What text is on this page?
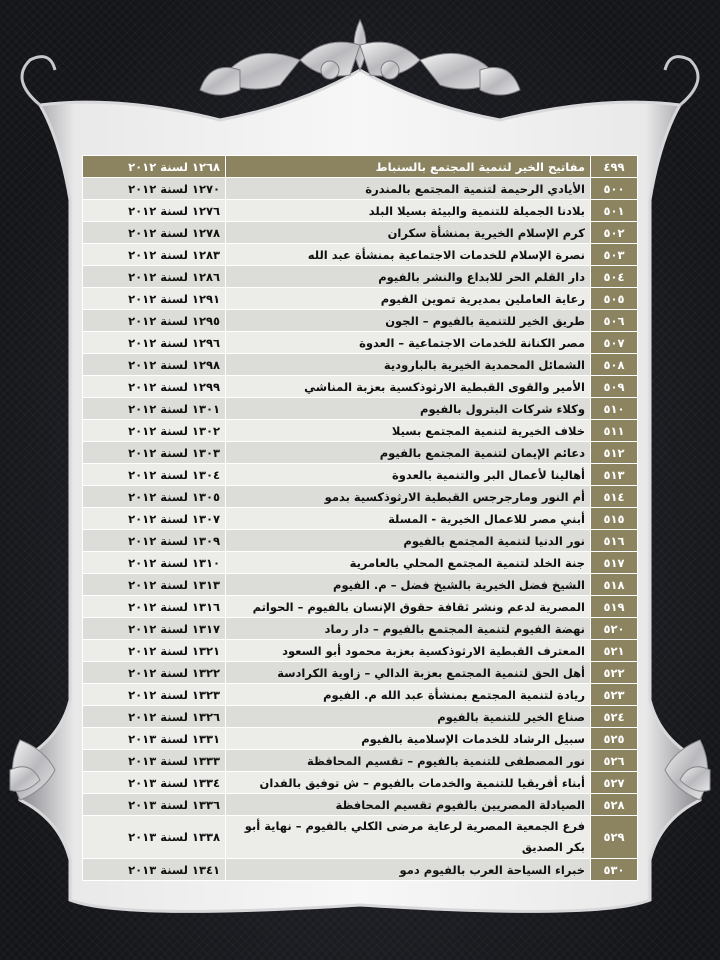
٤٩٩	مفاتيح الخير لتنمية المجتمع بالسنباط	١٢٦٨ لسنة ٢٠١٢
٥٠٠	الأيادي الرحيمة لتنمية المجتمع بالمندرة	١٢٧٠ لسنة ٢٠١٢
٥٠١	بلادنا الجميلة للتنمية والبيئة بسيلا البلد	١٢٧٦ لسنة ٢٠١٢
٥٠٢	كرم الإسلام الخيرية بمنشأة سكران	١٢٧٨ لسنة ٢٠١٢
٥٠٣	نصرة الإسلام للخدمات الاجتماعية بمنشأة عبد الله	١٢٨٣ لسنة ٢٠١٢
٥٠٤	دار القلم الحر للابداع والنشر بالفيوم	١٢٨٦ لسنة ٢٠١٢
٥٠٥	رعاية العاملين بمديرية تموين الفيوم	١٢٩١ لسنة ٢٠١٢
٥٠٦	طريق الخير للتنمية بالفيوم – الجون	١٢٩٥ لسنة ٢٠١٢
٥٠٧	مصر الكنانة للخدمات الاجتماعية – العدوة	١٢٩٦ لسنة ٢٠١٢
٥٠٨	الشمائل المحمدية الخيرية بالبارودية	١٢٩٨ لسنة ٢٠١٢
٥٠٩	الأمير والقوى القبطية الارثوذكسية بعزبة المناشي	١٢٩٩ لسنة ٢٠١٢
٥١٠	وكلاء شركات البترول بالفيوم	١٣٠١ لسنة ٢٠١٢
٥١١	خلاف الخيرية لتنمية المجتمع بسيلا	١٣٠٢ لسنة ٢٠١٢
٥١٢	دعائم الإيمان لتنمية المجتمع بالفيوم	١٣٠٣ لسنة ٢٠١٢
٥١٣	أهالينا لأعمال البر والتنمية بالعدوة	١٣٠٤ لسنة ٢٠١٢
٥١٤	أم النور ومارجرجس القبطية الارثوذكسية بدمو	١٣٠٥ لسنة ٢٠١٢
٥١٥	أبني مصر للاعمال الخيرية - المسلة	١٣٠٧ لسنة ٢٠١٢
٥١٦	نور الدنيا لتنمية المجتمع بالفيوم	١٣٠٩ لسنة ٢٠١٢
٥١٧	جنة الخلد لتنمية المجتمع المحلي بالعامرية	١٣١٠ لسنة ٢٠١٢
٥١٨	الشيخ فضل الخيرية بالشيخ فضل – م. الفيوم	١٣١٣ لسنة ٢٠١٢
٥١٩	المصرية لدعم ونشر ثقافة حقوق الإنسان بالفيوم – الحواتم	١٣١٦ لسنة ٢٠١٢
٥٢٠	نهضة الفيوم لتنمية المجتمع بالفيوم – دار رماد	١٣١٧ لسنة ٢٠١٢
٥٢١	المعترف القبطية الارثوذكسية بعزبة محمود أبو السعود	١٣٢١ لسنة ٢٠١٢
٥٢٢	أهل الحق لتنمية المجتمع بعزبة الدالي – زاوية الكرادسة	١٣٢٢ لسنة ٢٠١٢
٥٢٣	ريادة لتنمية المجتمع بمنشأة عبد الله م. الفيوم	١٣٢٣ لسنة ٢٠١٢
٥٢٤	صناع الخير للتنمية بالفيوم	١٣٢٦ لسنة ٢٠١٢
٥٢٥	سبيل الرشاد للخدمات الإسلامية بالفيوم	١٣٣١ لسنة ٢٠١٣
٥٢٦	نور المصطفى للتنمية بالفيوم – تقسيم المحافظة	١٣٣٣ لسنة ٢٠١٣
٥٢٧	أبناء أفريقيا للتنمية والخدمات بالفيوم – ش توفيق بالفدان	١٣٣٤ لسنة ٢٠١٣
٥٢٨	الصيادلة المصريين بالفيوم تقسيم المحافظة	١٣٣٦ لسنة ٢٠١٣
٥٢٩	فرع الجمعية المصرية لرعاية مرضى الكلي بالفيوم – نهاية أبو بكر الصديق	١٣٣٨ لسنة ٢٠١٣
٥٣٠	خبراء السياحة العرب بالفيوم دمو	١٣٤١ لسنة ٢٠١٣
